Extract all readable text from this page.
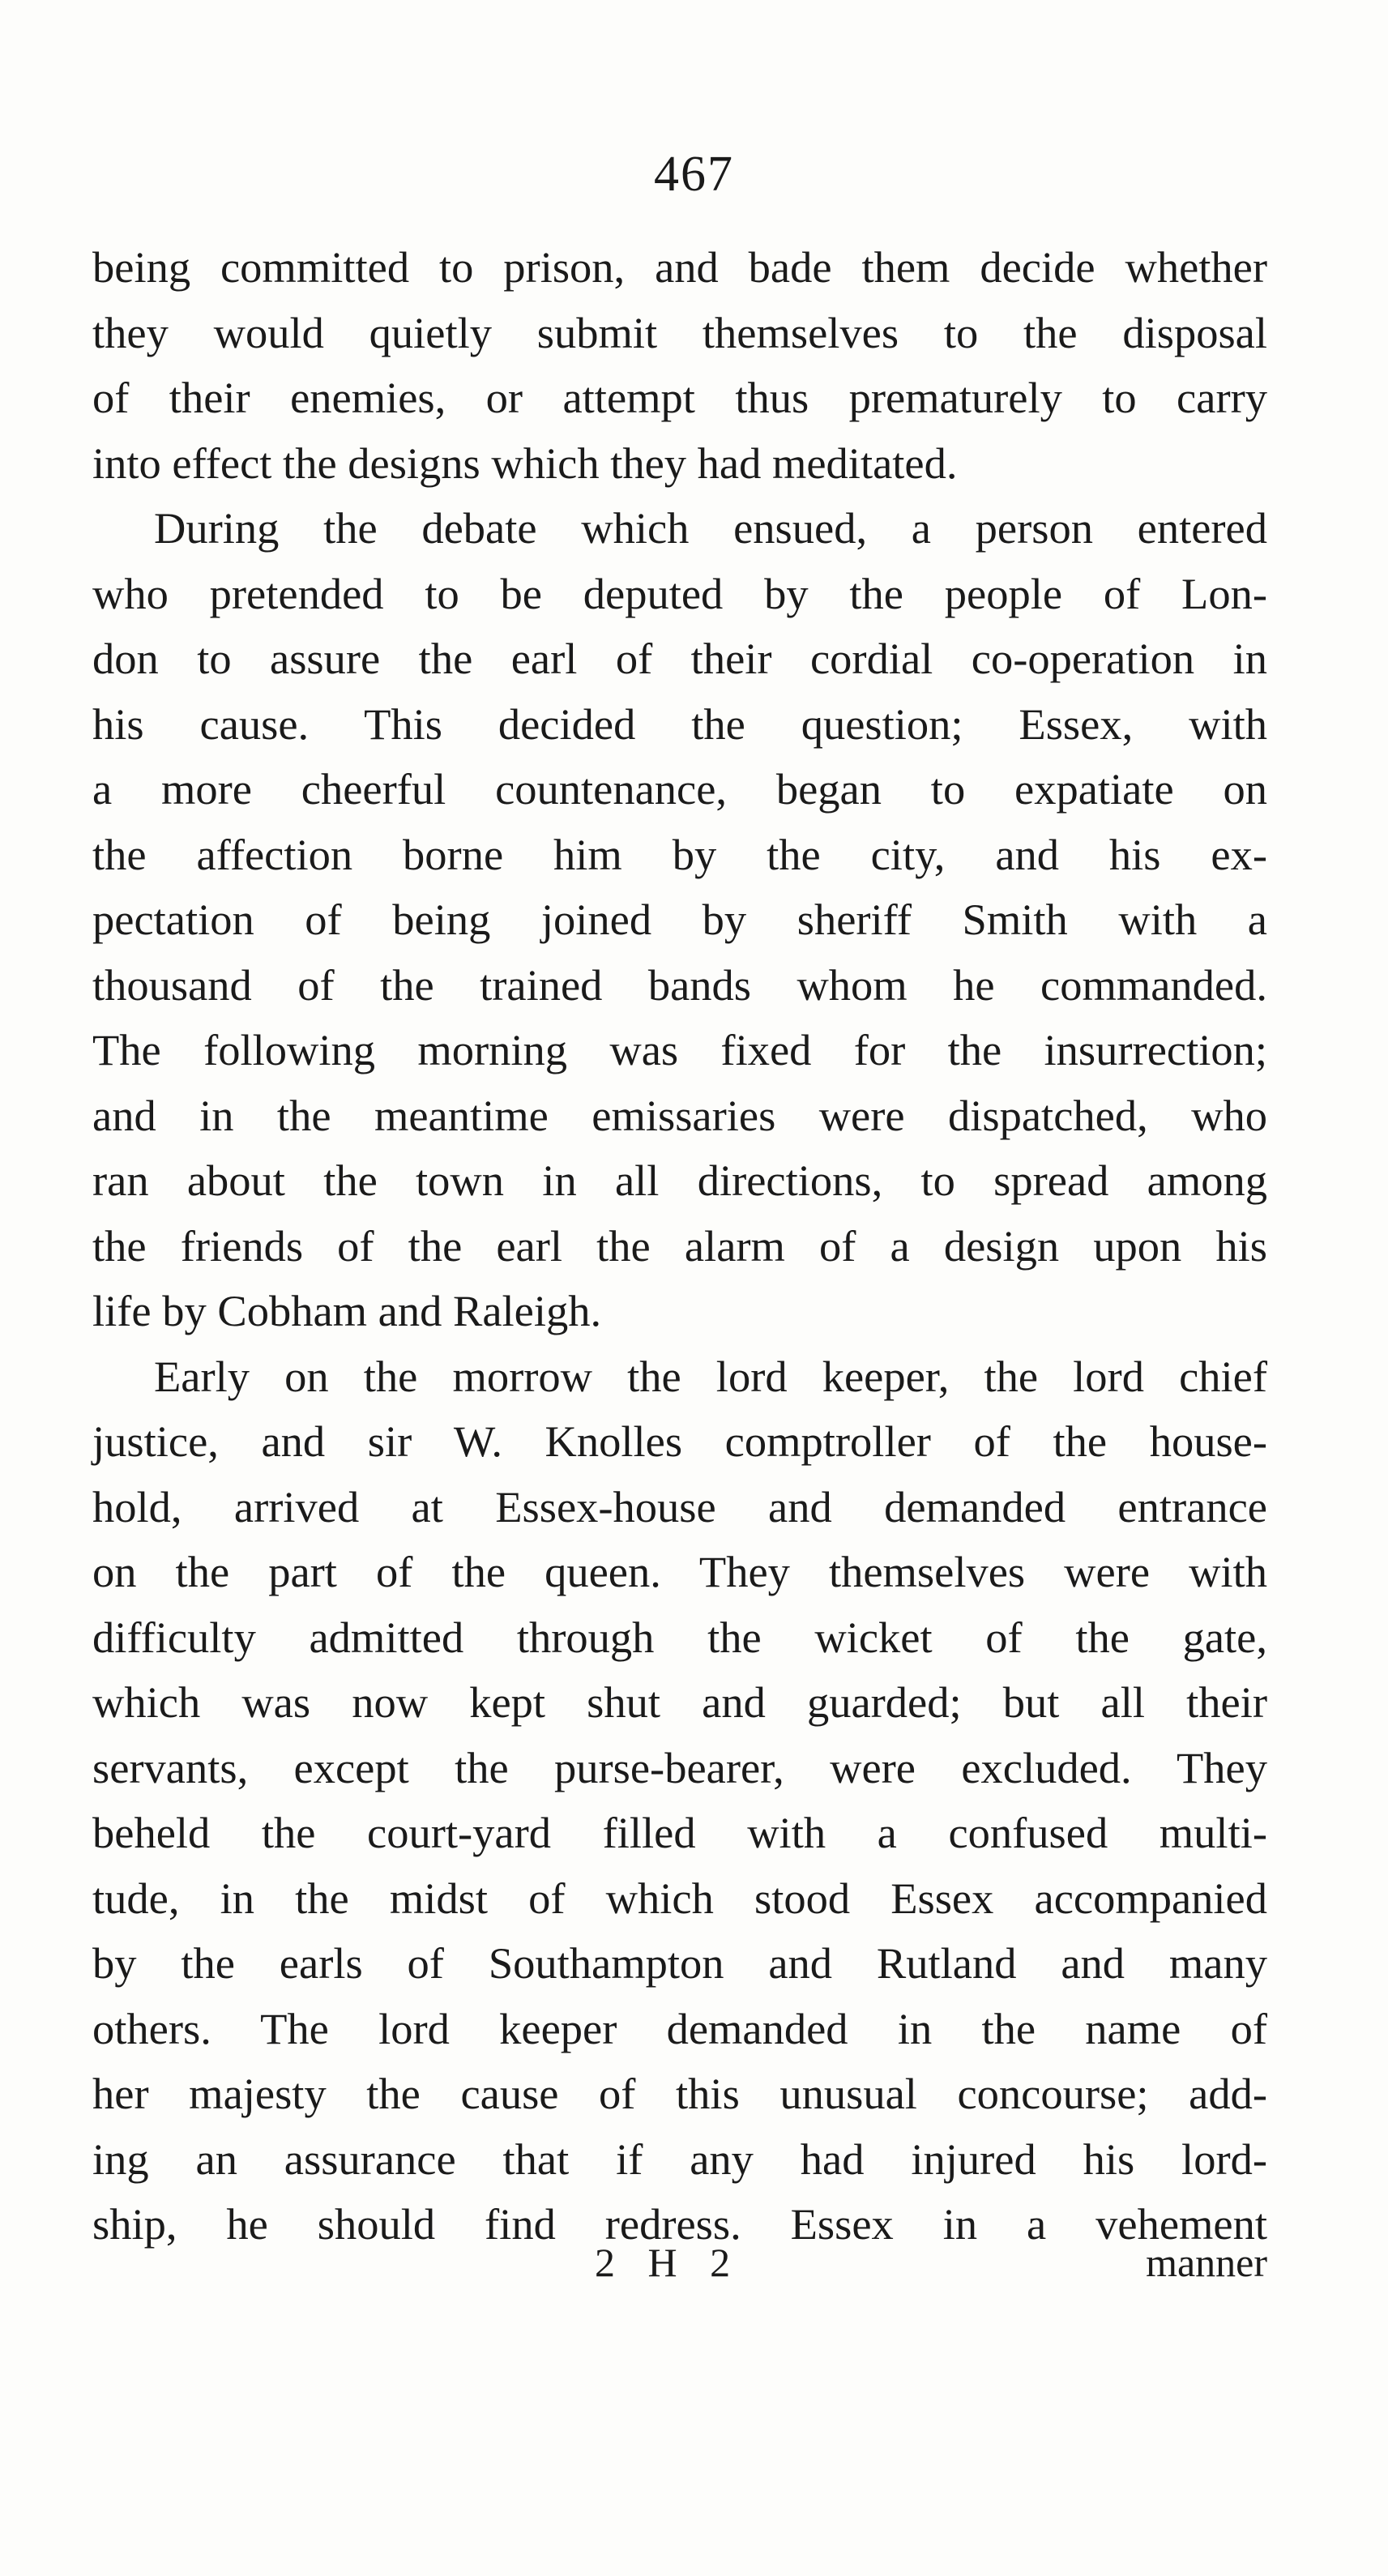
467
being committed to prison, and bade them decide whether
they would quietly submit themselves to the disposal
of their enemies, or attempt thus prematurely to carry
into effect the designs which they had meditated.
During the debate which ensued, a person entered
who pretended to be deputed by the people of Lon-
don to assure the earl of their cordial co-operation in
his cause. This decided the question; Essex, with
a more cheerful countenance, began to expatiate on
the affection borne him by the city, and his ex-
pectation of being joined by sheriff Smith with a
thousand of the trained bands whom he commanded.
The following morning was fixed for the insurrection;
and in the meantime emissaries were dispatched, who
ran about the town in all directions, to spread among
the friends of the earl the alarm of a design upon his
life by Cobham and Raleigh.
Early on the morrow the lord keeper, the lord chief
justice, and sir W. Knolles comptroller of the house-
hold, arrived at Essex-house and demanded entrance
on the part of the queen. They themselves were with
difficulty admitted through the wicket of the gate,
which was now kept shut and guarded; but all their
servants, except the purse-bearer, were excluded. They
beheld the court-yard filled with a confused multi-
tude, in the midst of which stood Essex accompanied
by the earls of Southampton and Rutland and many
others. The lord keeper demanded in the name of
her majesty the cause of this unusual concourse; add-
ing an assurance that if any had injured his lord-
ship, he should find redress. Essex in a vehement
2 H 2	manner
